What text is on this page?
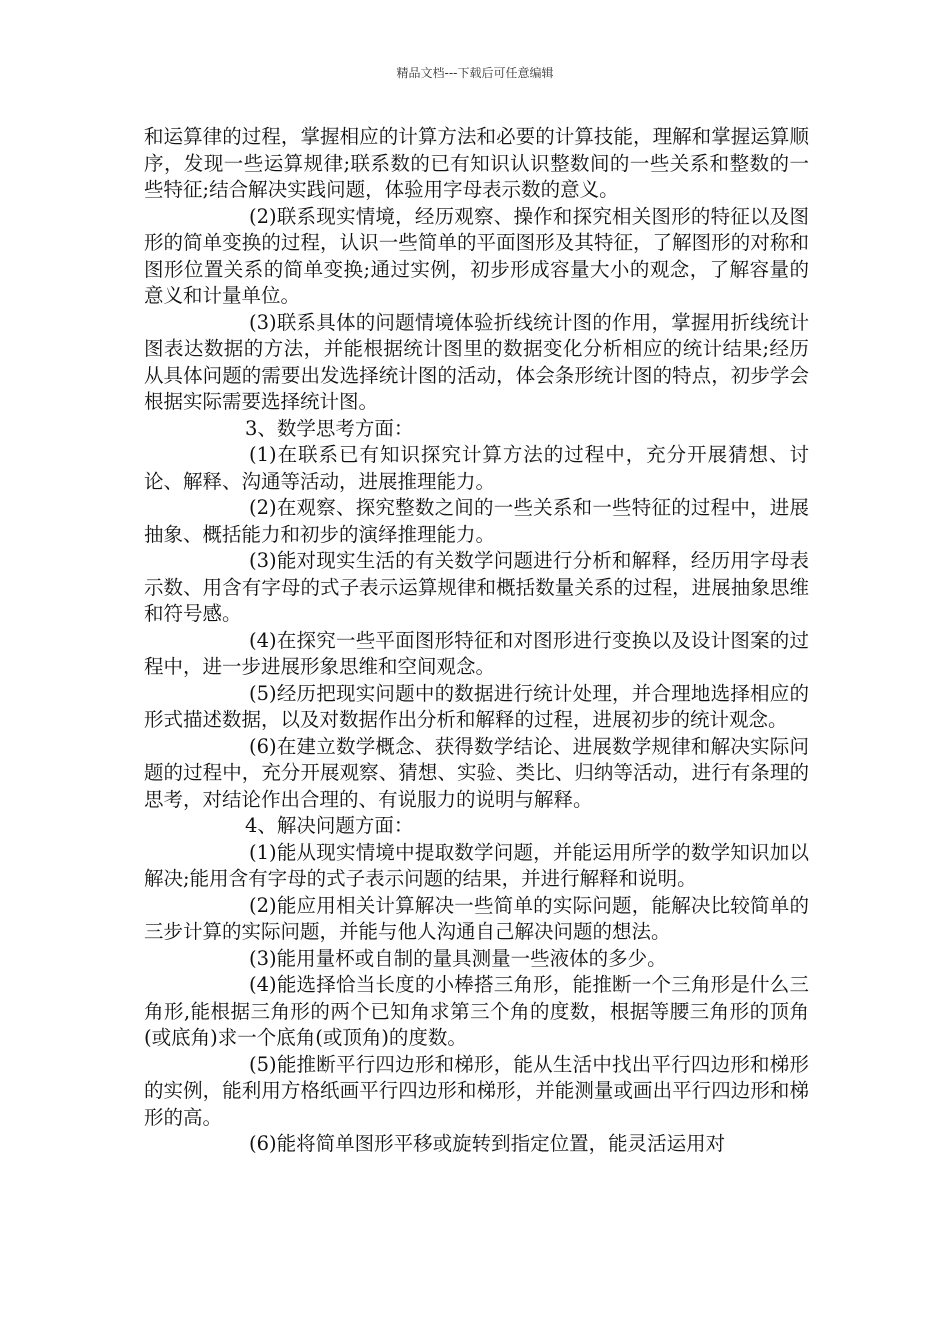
精品文档---下载后可任意编辑

和运算律的过程，掌握相应的计算方法和必要的计算技能，理解和掌握运算顺序，发现一些运算规律;联系数的已有知识认识整数间的一些关系和整数的一些特征;结合解决实践问题，体验用字母表示数的意义。

(2)联系现实情境，经历观察、操作和探究相关图形的特征以及图形的简单变换的过程，认识一些简单的平面图形及其特征，了解图形的对称和图形位置关系的简单变换;通过实例，初步形成容量大小的观念，了解容量的意义和计量单位。

(3)联系具体的问题情境体验折线统计图的作用，掌握用折线统计图表达数据的方法，并能根据统计图里的数据变化分析相应的统计结果;经历从具体问题的需要出发选择统计图的活动，体会条形统计图的特点，初步学会根据实际需要选择统计图。

3、数学思考方面：

(1)在联系已有知识探究计算方法的过程中，充分开展猜想、讨论、解释、沟通等活动，进展推理能力。

(2)在观察、探究整数之间的一些关系和一些特征的过程中，进展抽象、概括能力和初步的演绎推理能力。

(3)能对现实生活的有关数学问题进行分析和解释，经历用字母表示数、用含有字母的式子表示运算规律和概括数量关系的过程，进展抽象思维和符号感。

(4)在探究一些平面图形特征和对图形进行变换以及设计图案的过程中，进一步进展形象思维和空间观念。

(5)经历把现实问题中的数据进行统计处理，并合理地选择相应的形式描述数据，以及对数据作出分析和解释的过程，进展初步的统计观念。

(6)在建立数学概念、获得数学结论、进展数学规律和解决实际问题的过程中，充分开展观察、猜想、实验、类比、归纳等活动，进行有条理的思考，对结论作出合理的、有说服力的说明与解释。

4、解决问题方面：

(1)能从现实情境中提取数学问题，并能运用所学的数学知识加以解决;能用含有字母的式子表示问题的结果，并进行解释和说明。

(2)能应用相关计算解决一些简单的实际问题，能解决比较简单的三步计算的实际问题，并能与他人沟通自己解决问题的想法。

(3)能用量杯或自制的量具测量一些液体的多少。

(4)能选择恰当长度的小棒搭三角形，能推断一个三角形是什么三角形,能根据三角形的两个已知角求第三个角的度数，根据等腰三角形的顶角(或底角)求一个底角(或顶角)的度数。

(5)能推断平行四边形和梯形，能从生活中找出平行四边形和梯形的实例，能利用方格纸画平行四边形和梯形，并能测量或画出平行四边形和梯形的高。

(6)能将简单图形平移或旋转到指定位置，能灵活运用对
